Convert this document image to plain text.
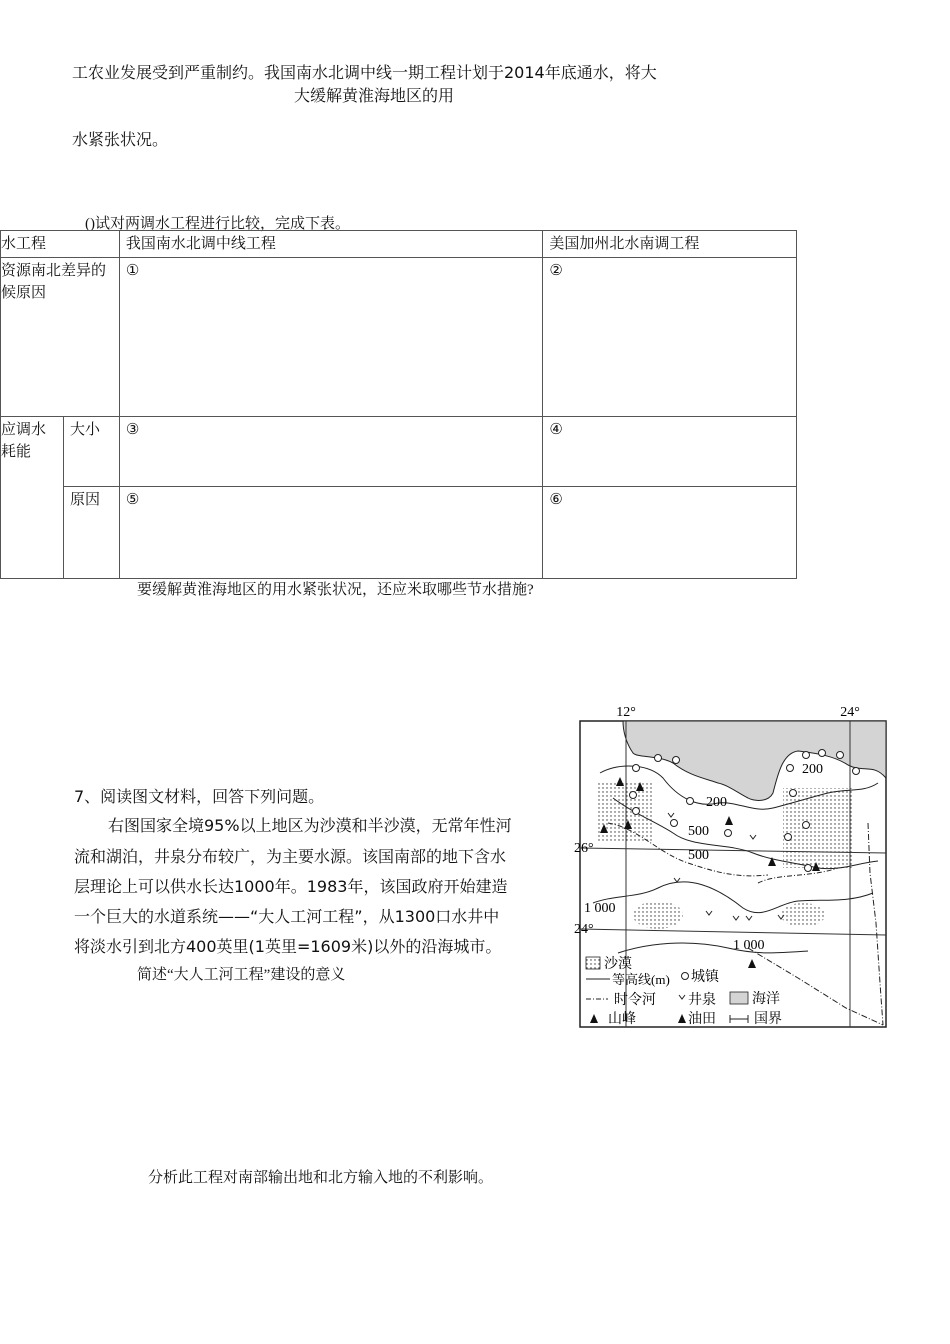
工农业发展受到严重制约。我国南水北调中线一期工程计划于2014年底通水，将大
大缓解黄淮海地区的用
水紧张状况。
()试对两调水工程进行比较，完成下表。
水工程		我国南水北调中线工程	美国加州北水南调工程

资源南北差异的
候原因		①	②

应调水
耗能	大小	③	④
	原因	⑤	⑥
要缓解黄淮海地区的用水紧张状况，还应米取哪些节水措施?
7、阅读图文材料，回答下列问题。
右图国家全境95%以上地区为沙漠和半沙漠，无常年性河
流和湖泊，井泉分布较广，为主要水源。该国南部的地下含水
层理论上可以供水长达1000年。1983年，该国政府开始建造
一个巨大的水道系统——“大人工河工程”，从1300口水井中
将淡水引到北方400英里(1英里=1609米)以外的沿海城市。
简述“大人工河工程”建设的意义
分析此工程对南部输出地和北方输入地的不利影响。
12°	24°
26°
24°
200
200
500
500
1 000
1 000
沙漠
等高线(m) 城镇
时令河 井泉	海洋
山峰	油田	国界
